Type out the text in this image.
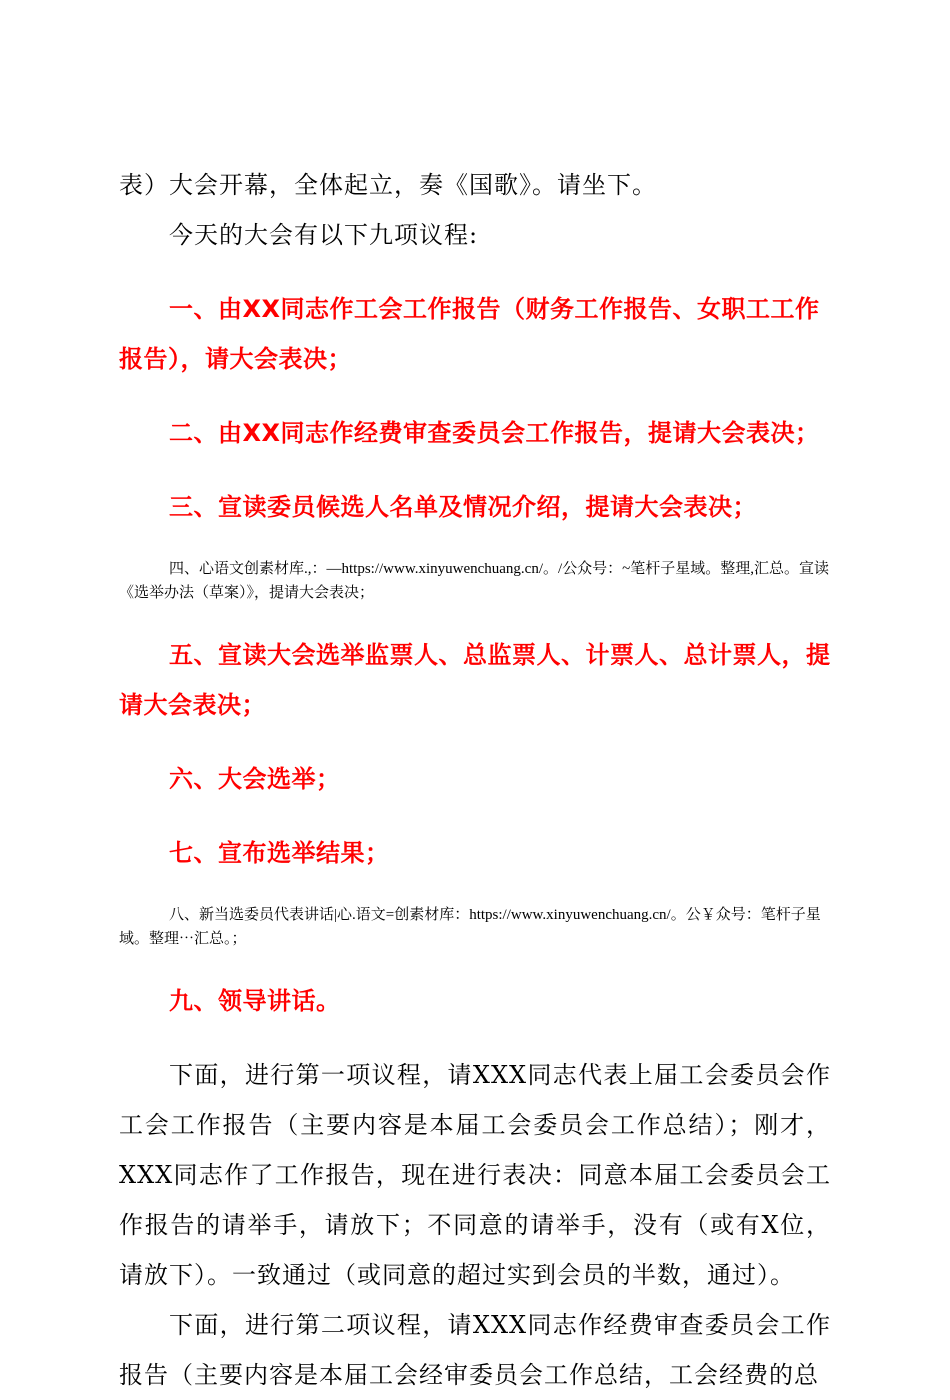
表）大会开幕，全体起立，奏《国歌》。请坐下。

今天的大会有以下九项议程:

一、由XX同志作工会工作报告（财务工作报告、女职工工作报告），请大会表决；

二、由XX同志作经费审查委员会工作报告，提请大会表决；

三、宣读委员候选人名单及情况介绍，提请大会表决；

四、心语文创素材库.,：—https://www.xinyuwenchuang.cn/。/公众号：~笔杆子星域。整理,汇总。宣读《选举办法（草案）》，提请大会表决；

五、宣读大会选举监票人、总监票人、计票人、总计票人，提请大会表决；

六、大会选举；

七、宣布选举结果；

八、新当选委员代表讲话|心.语文=创素材库：https://www.xinyuwenchuang.cn/。公￥众号：笔杆子星域。整理⋯汇总。；

九、领导讲话。

下面，进行第一项议程，请XXX同志代表上届工会委员会作工会工作报告（主要内容是本届工会委员会工作总结）；刚才，XXX同志作了工作报告，现在进行表决：同意本届工会委员会工作报告的请举手，请放下；不同意的请举手，没有（或有X位，请放下）。一致通过（或同意的超过实到会员的半数，通过）。

下面，进行第二项议程，请XXX同志作经费审查委员会工作报告（主要内容是本届工会经审委员会工作总结，工会经费的总
